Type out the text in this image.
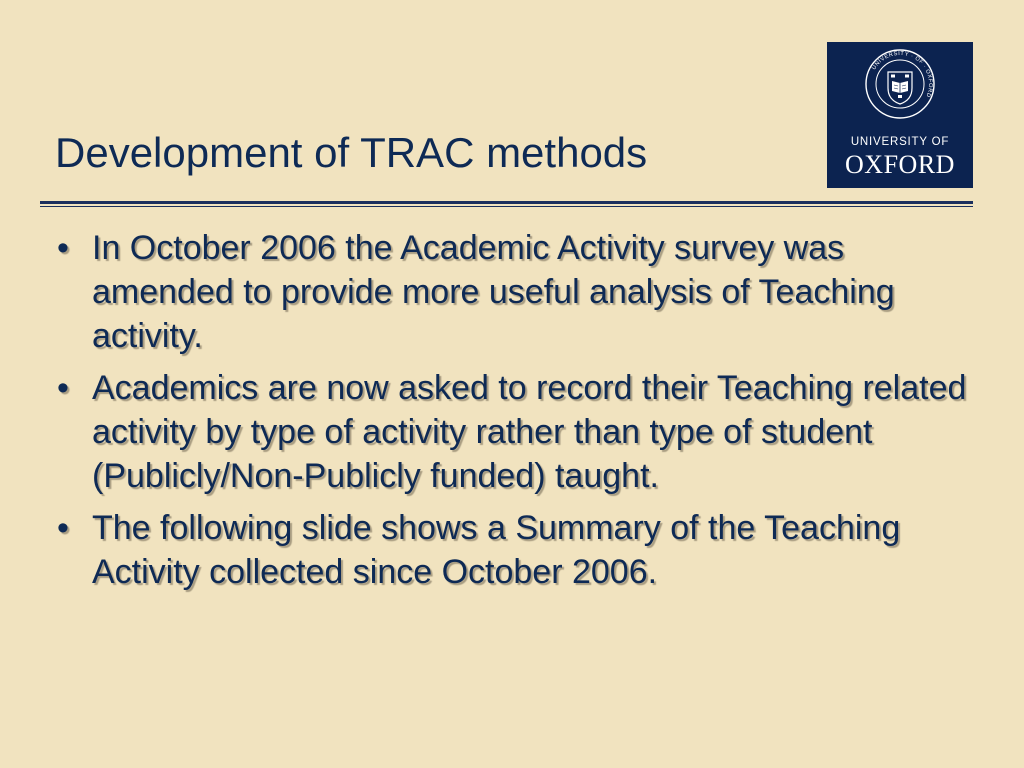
Development of TRAC methods
UNIVERSITY · OF · OXFORD
UNIVERSITY OF
OXFORD
• In October 2006 the Academic Activity survey was amended to provide more useful analysis of Teaching activity.
• Academics are now asked to record their Teaching related activity by type of activity rather than type of student (Publicly/Non-Publicly funded) taught.
• The following slide shows a Summary of the Teaching Activity collected since October 2006.
